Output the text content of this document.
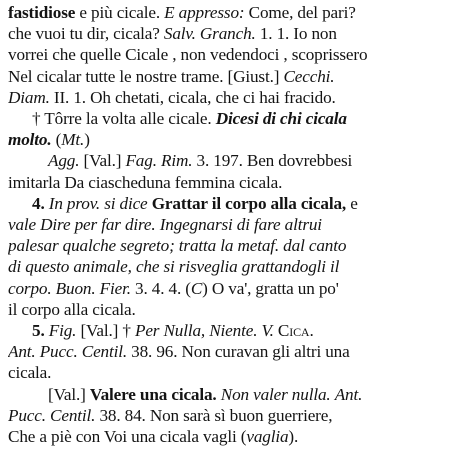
fastidiose e più cicale. E appresso: Come, del pari?
che vuoi tu dir, cicala? Salv. Granch. 1. 1. Io non
vorrei che quelle Cicale , non vedendoci , scoprissero
Nel cicalar tutte le nostre trame. [Giust.] Cecchi.
Diam. II. 1. Oh chetati, cicala, che ci hai fracido.
† Tôrre la volta alle cicale. Dicesi di chi cicala
molto. (Mt.)
Agg. [Val.] Fag. Rim. 3. 197. Ben dovrebbesi
imitarla Da ciascheduna femmina cicala.
4. In prov. si dice Grattar il corpo alla cicala, e
vale Dire per far dire. Ingegnarsi di fare altrui
palesar qualche segreto; tratta la metaf. dal canto
di questo animale, che si risveglia grattandogli il
corpo. Buon. Fier. 3. 4. 4. (C) O va', gratta un po'
il corpo alla cicala.
5. Fig. [Val.] † Per Nulla, Niente. V. Cica.
Ant. Pucc. Centil. 38. 96. Non curavan gli altri una
cicala.
[Val.] Valere una cicala. Non valer nulla. Ant.
Pucc. Centil. 38. 84. Non sarà sì buon guerriere,
Che a piè con Voi una cicala vagli (vaglia).
